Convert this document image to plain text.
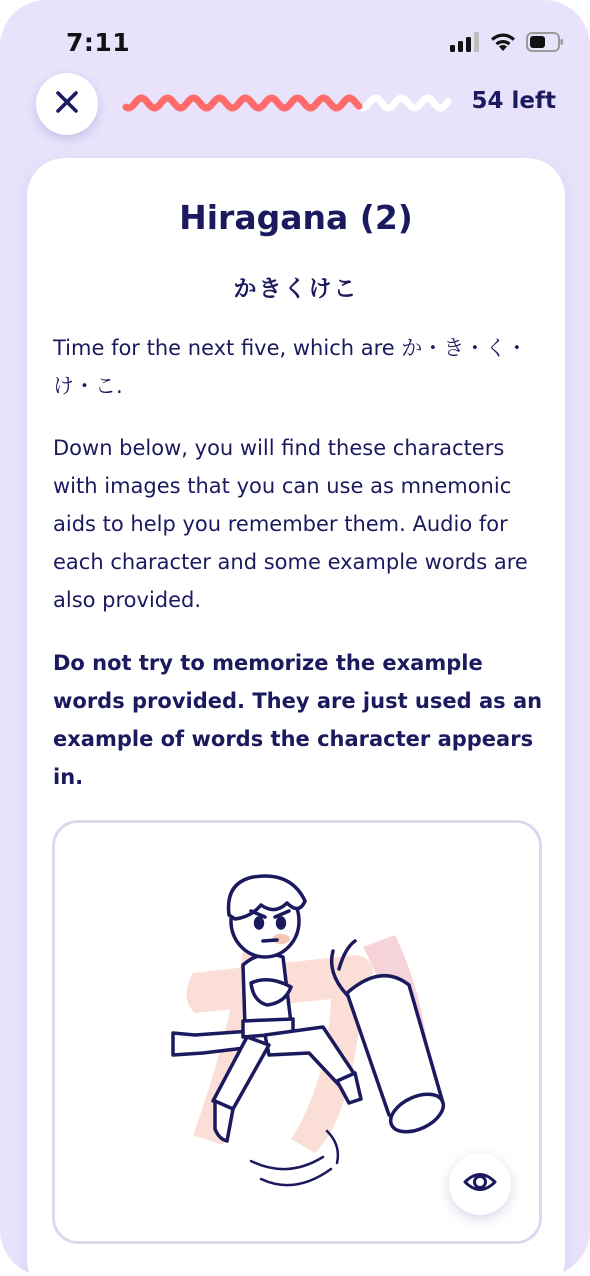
7:11
54 left
Hiragana (2)

かきくけこ

Time for the next five, which are か・き・く・け・こ.

Down below, you will find these characters with images that you can use as mnemonic aids to help you remember them. Audio for each character and some example words are also provided.

Do not try to memorize the example words provided. They are just used as an example of words the character appears in.
